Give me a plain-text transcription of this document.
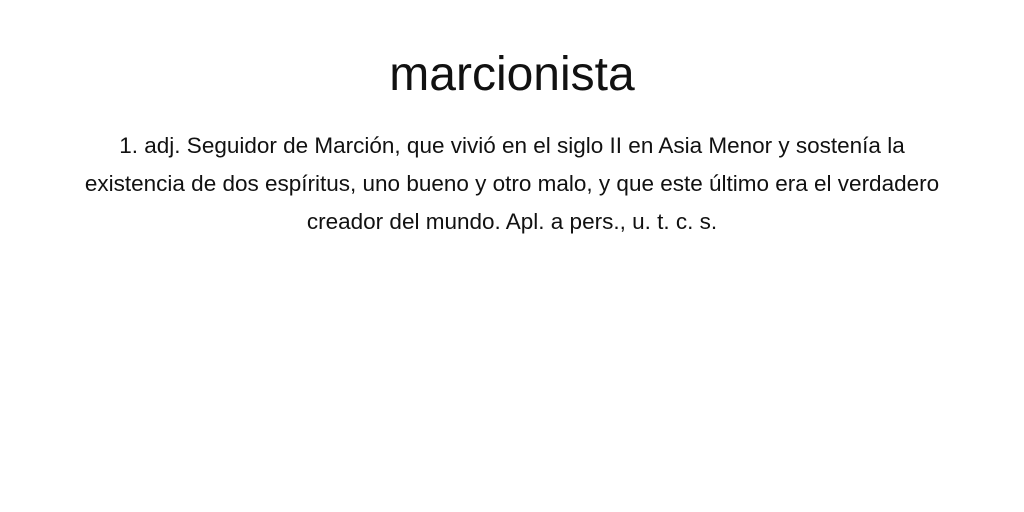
marcionista

1. adj. Seguidor de Marción, que vivió en el siglo II en Asia Menor y sostenía la existencia de dos espíritus, uno bueno y otro malo, y que este último era el verdadero creador del mundo. Apl. a pers., u. t. c. s.
